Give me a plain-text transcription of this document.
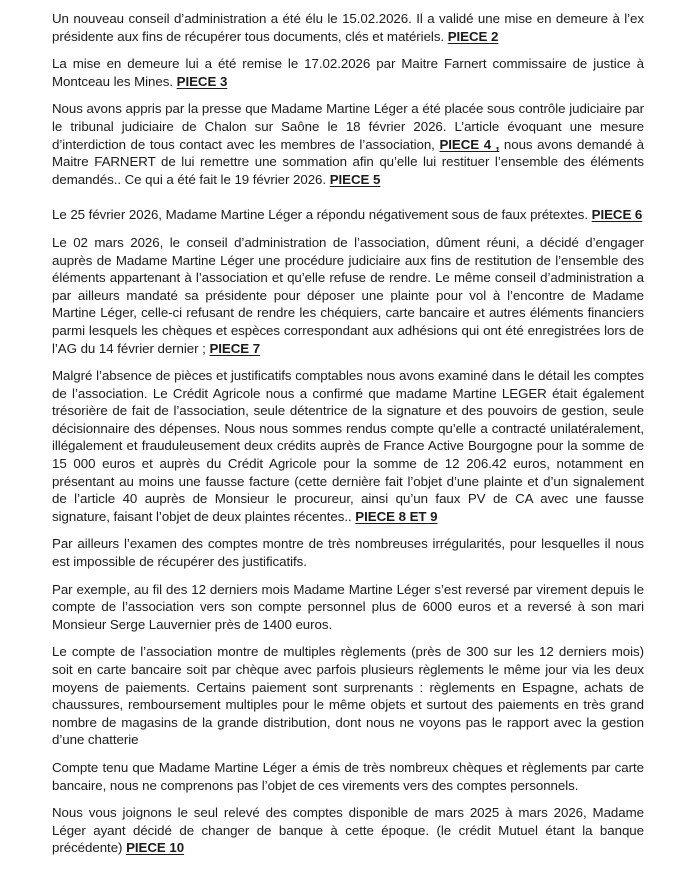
Un nouveau conseil d’administration a été élu le 15.02.2026. Il a validé une mise en demeure à l’ex présidente aux fins de récupérer tous documents, clés et matériels. PIECE 2

La mise en demeure lui a été remise le 17.02.2026 par Maitre Farnert commissaire de justice à Montceau les Mines. PIECE 3

Nous avons appris par la presse que Madame Martine Léger a été placée sous contrôle judiciaire par le tribunal judiciaire de Chalon sur Saône le 18 février 2026. L’article évoquant une mesure d’interdiction de tous contact avec les membres de l’association, PIECE 4 , nous avons demandé à Maitre FARNERT de lui remettre une sommation afin qu’elle lui restituer l’ensemble des éléments demandés.. Ce qui a été fait le 19 février 2026. PIECE 5

Le 25 février 2026, Madame Martine Léger a répondu négativement sous de faux prétextes. PIECE 6

Le 02 mars 2026, le conseil d’administration de l’association, dûment réuni, a décidé d’engager auprès de Madame Martine Léger une procédure judiciaire aux fins de restitution de l’ensemble des éléments appartenant à l’association et qu’elle refuse de rendre. Le même conseil d’administration a par ailleurs mandaté sa présidente pour déposer une plainte pour vol à l’encontre de Madame Martine Léger, celle-ci refusant de rendre les chéquiers, carte bancaire et autres éléments financiers parmi lesquels les chèques et espèces correspondant aux adhésions qui ont été enregistrées lors de l’AG du 14 février dernier ; PIECE 7

Malgré l’absence de pièces et justificatifs comptables nous avons examiné dans le détail les comptes de l’association. Le Crédit Agricole nous a confirmé que madame Martine LEGER était également trésorière de fait de l’association, seule détentrice de la signature et des pouvoirs de gestion, seule décisionnaire des dépenses. Nous nous sommes rendus compte qu’elle a contracté unilatéralement, illégalement et frauduleusement deux crédits auprès de France Active Bourgogne pour la somme de 15 000 euros et auprès du Crédit Agricole pour la somme de 12 206.42 euros, notamment en présentant au moins une fausse facture (cette dernière fait l’objet d’une plainte et d’un signalement de l’article 40 auprès de Monsieur le procureur, ainsi qu’un faux PV de CA avec une fausse signature, faisant l’objet de deux plaintes récentes.. PIECE 8 ET 9

Par ailleurs l’examen des comptes montre de très nombreuses irrégularités, pour lesquelles il nous est impossible de récupérer des justificatifs.

Par exemple, au fil des 12 derniers mois Madame Martine Léger s’est reversé par virement depuis le compte de l’association vers son compte personnel plus de 6000 euros et a reversé à son mari Monsieur Serge Lauvernier près de 1400 euros.

Le compte de l’association montre de multiples règlements (près de 300 sur les 12 derniers mois) soit en carte bancaire soit par chèque avec parfois plusieurs règlements le même jour via les deux moyens de paiements. Certains paiement sont surprenants : règlements en Espagne, achats de chaussures, remboursement multiples pour le même objets et surtout des paiements en très grand nombre de magasins de la grande distribution, dont nous ne voyons pas le rapport avec la gestion d’une chatterie

Compte tenu que Madame Martine Léger a émis de très nombreux chèques et règlements par carte bancaire, nous ne comprenons pas l’objet de ces virements vers des comptes personnels.

Nous vous joignons le seul relevé des comptes disponible de mars 2025 à mars 2026, Madame Léger ayant décidé de changer de banque à cette époque. (le crédit Mutuel étant la banque précédente) PIECE 10
